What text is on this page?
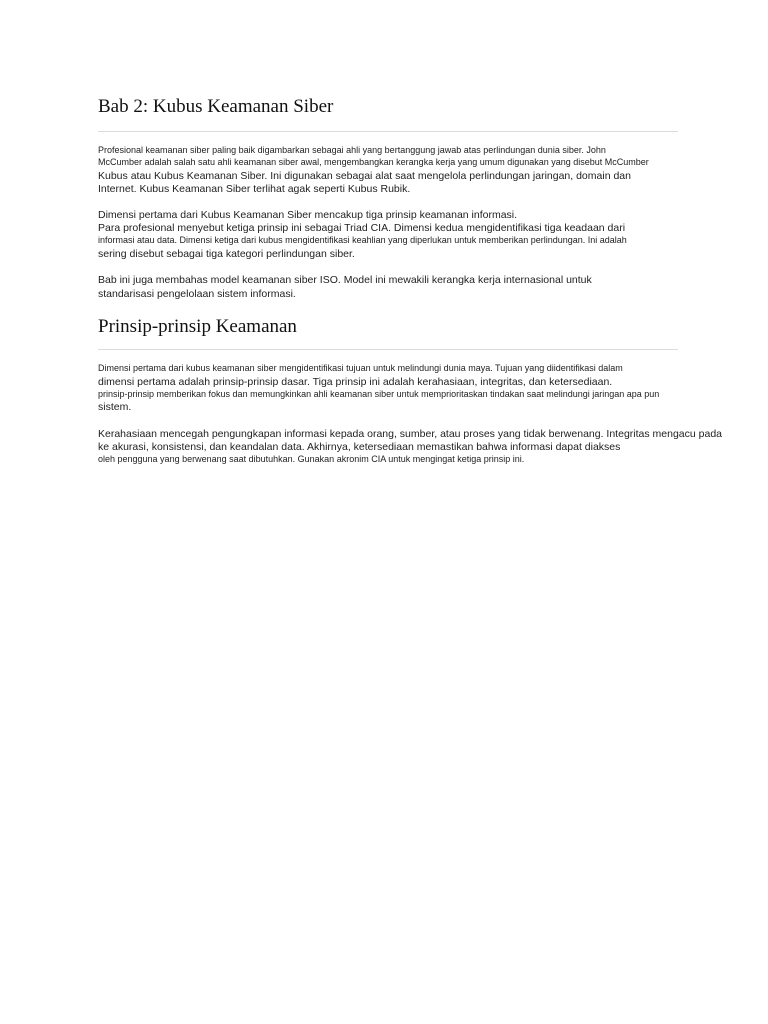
Bab 2: Kubus Keamanan Siber

Profesional keamanan siber paling baik digambarkan sebagai ahli yang bertanggung jawab atas perlindungan dunia siber. John

McCumber adalah salah satu ahli keamanan siber awal, mengembangkan kerangka kerja yang umum digunakan yang disebut McCumber

Kubus atau Kubus Keamanan Siber. Ini digunakan sebagai alat saat mengelola perlindungan jaringan, domain dan

Internet. Kubus Keamanan Siber terlihat agak seperti Kubus Rubik.

Dimensi pertama dari Kubus Keamanan Siber mencakup tiga prinsip keamanan informasi.

Para profesional menyebut ketiga prinsip ini sebagai Triad CIA. Dimensi kedua mengidentifikasi tiga keadaan dari

informasi atau data. Dimensi ketiga dari kubus mengidentifikasi keahlian yang diperlukan untuk memberikan perlindungan. Ini adalah

sering disebut sebagai tiga kategori perlindungan siber.

Bab ini juga membahas model keamanan siber ISO. Model ini mewakili kerangka kerja internasional untuk

standarisasi pengelolaan sistem informasi.

Prinsip-prinsip Keamanan

Dimensi pertama dari kubus keamanan siber mengidentifikasi tujuan untuk melindungi dunia maya. Tujuan yang diidentifikasi dalam

dimensi pertama adalah prinsip-prinsip dasar. Tiga prinsip ini adalah kerahasiaan, integritas, dan ketersediaan.

prinsip-prinsip memberikan fokus dan memungkinkan ahli keamanan siber untuk memprioritaskan tindakan saat melindungi jaringan apa pun

sistem.

Kerahasiaan mencegah pengungkapan informasi kepada orang, sumber, atau proses yang tidak berwenang. Integritas mengacu pada

ke akurasi, konsistensi, dan keandalan data. Akhirnya, ketersediaan memastikan bahwa informasi dapat diakses

oleh pengguna yang berwenang saat dibutuhkan. Gunakan akronim CIA untuk mengingat ketiga prinsip ini.
